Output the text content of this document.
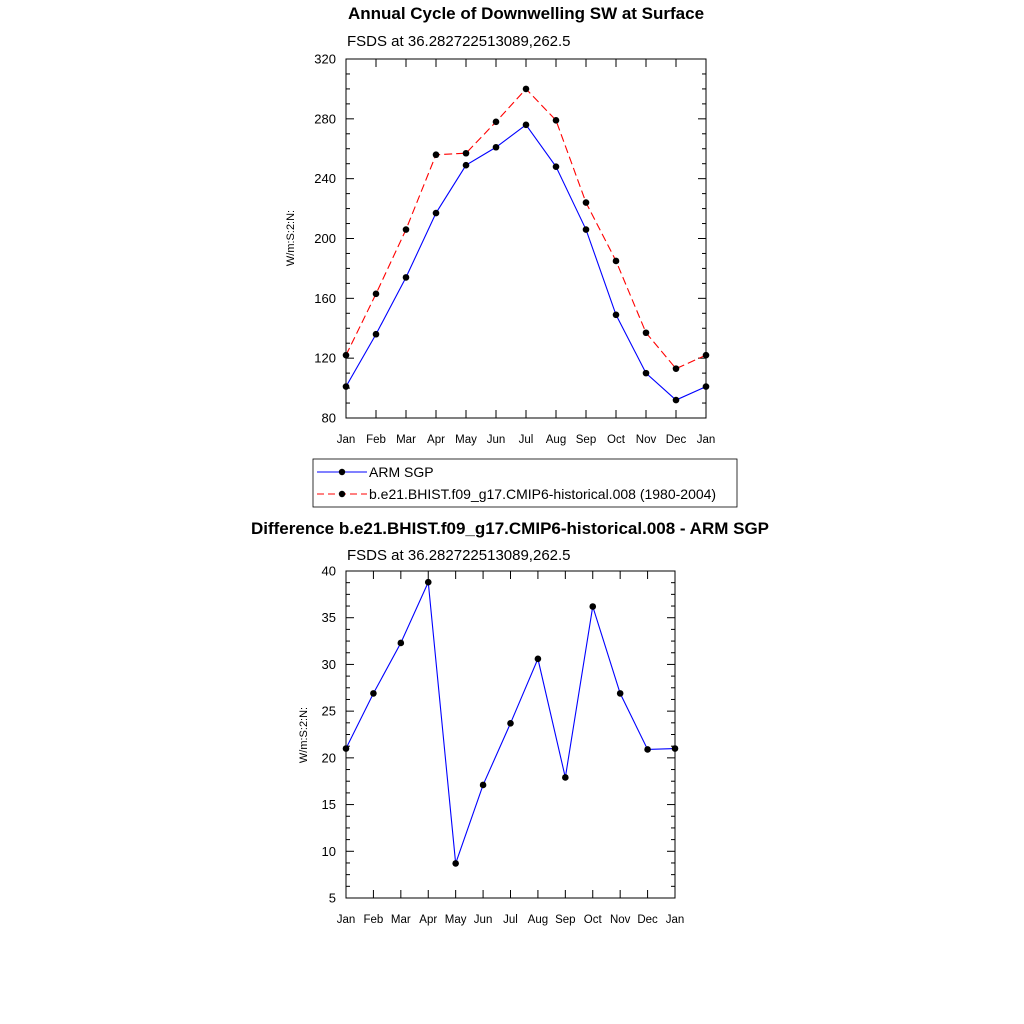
Annual Cycle of Downwelling SW at Surface
FSDS at 36.282722513089,262.5
W/m:S:2:N:
80
120
160
200
240
280
320
Jan Feb Mar Apr May Jun Jul Aug Sep Oct Nov Dec Jan
ARM SGP
b.e21.BHIST.f09_g17.CMIP6-historical.008 (1980-2004)
Difference b.e21.BHIST.f09_g17.CMIP6-historical.008 - ARM SGP
FSDS at 36.282722513089,262.5
W/m:S:2:N:
5
10
15
20
25
30
35
40
Jan Feb Mar Apr May Jun Jul Aug Sep Oct Nov Dec Jan
